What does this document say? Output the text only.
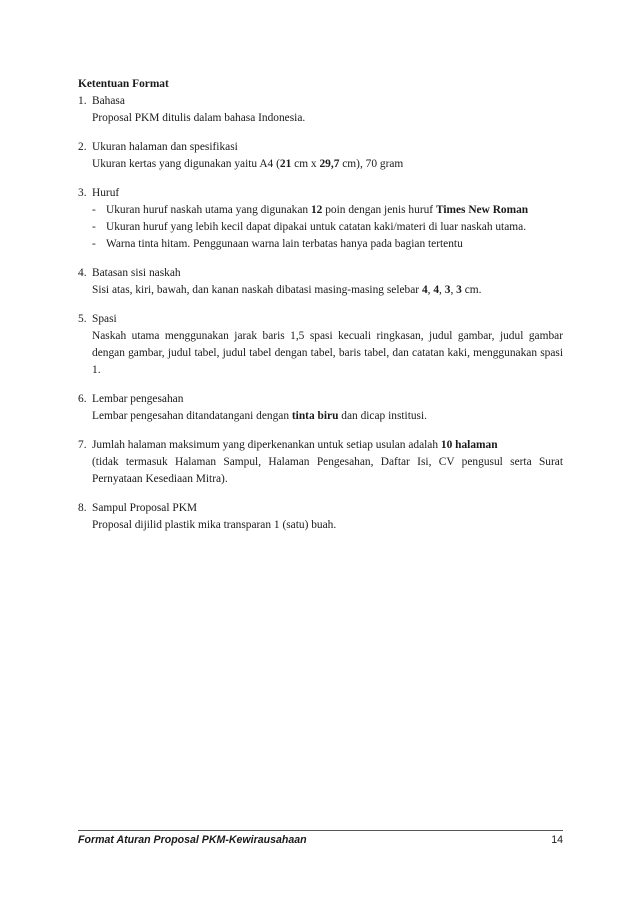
Ketentuan Format

1. Bahasa
Proposal PKM ditulis dalam bahasa Indonesia.
2. Ukuran halaman dan spesifikasi
Ukuran kertas yang digunakan yaitu A4 (21 cm x 29,7 cm), 70 gram
3. Huruf
- Ukuran huruf naskah utama yang digunakan 12 poin dengan jenis huruf Times New Roman
- Ukuran huruf yang lebih kecil dapat dipakai untuk catatan kaki/materi di luar naskah utama.
- Warna tinta hitam. Penggunaan warna lain terbatas hanya pada bagian tertentu
4. Batasan sisi naskah
Sisi atas, kiri, bawah, dan kanan naskah dibatasi masing-masing selebar 4, 4, 3, 3 cm.
5. Spasi
Naskah utama menggunakan jarak baris 1,5 spasi kecuali ringkasan, judul gambar, judul gambar dengan gambar, judul tabel, judul tabel dengan tabel, baris tabel, dan catatan kaki, menggunakan spasi 1.
6. Lembar pengesahan
Lembar pengesahan ditandatangani dengan tinta biru dan dicap institusi.
7. Jumlah halaman maksimum yang diperkenankan untuk setiap usulan adalah 10 halaman
(tidak termasuk Halaman Sampul, Halaman Pengesahan, Daftar Isi, CV pengusul serta Surat Pernyataan Kesediaan Mitra).
8. Sampul Proposal PKM
Proposal dijilid plastik mika transparan 1 (satu) buah.
Format Aturan Proposal PKM-Kewirausahaan	14
